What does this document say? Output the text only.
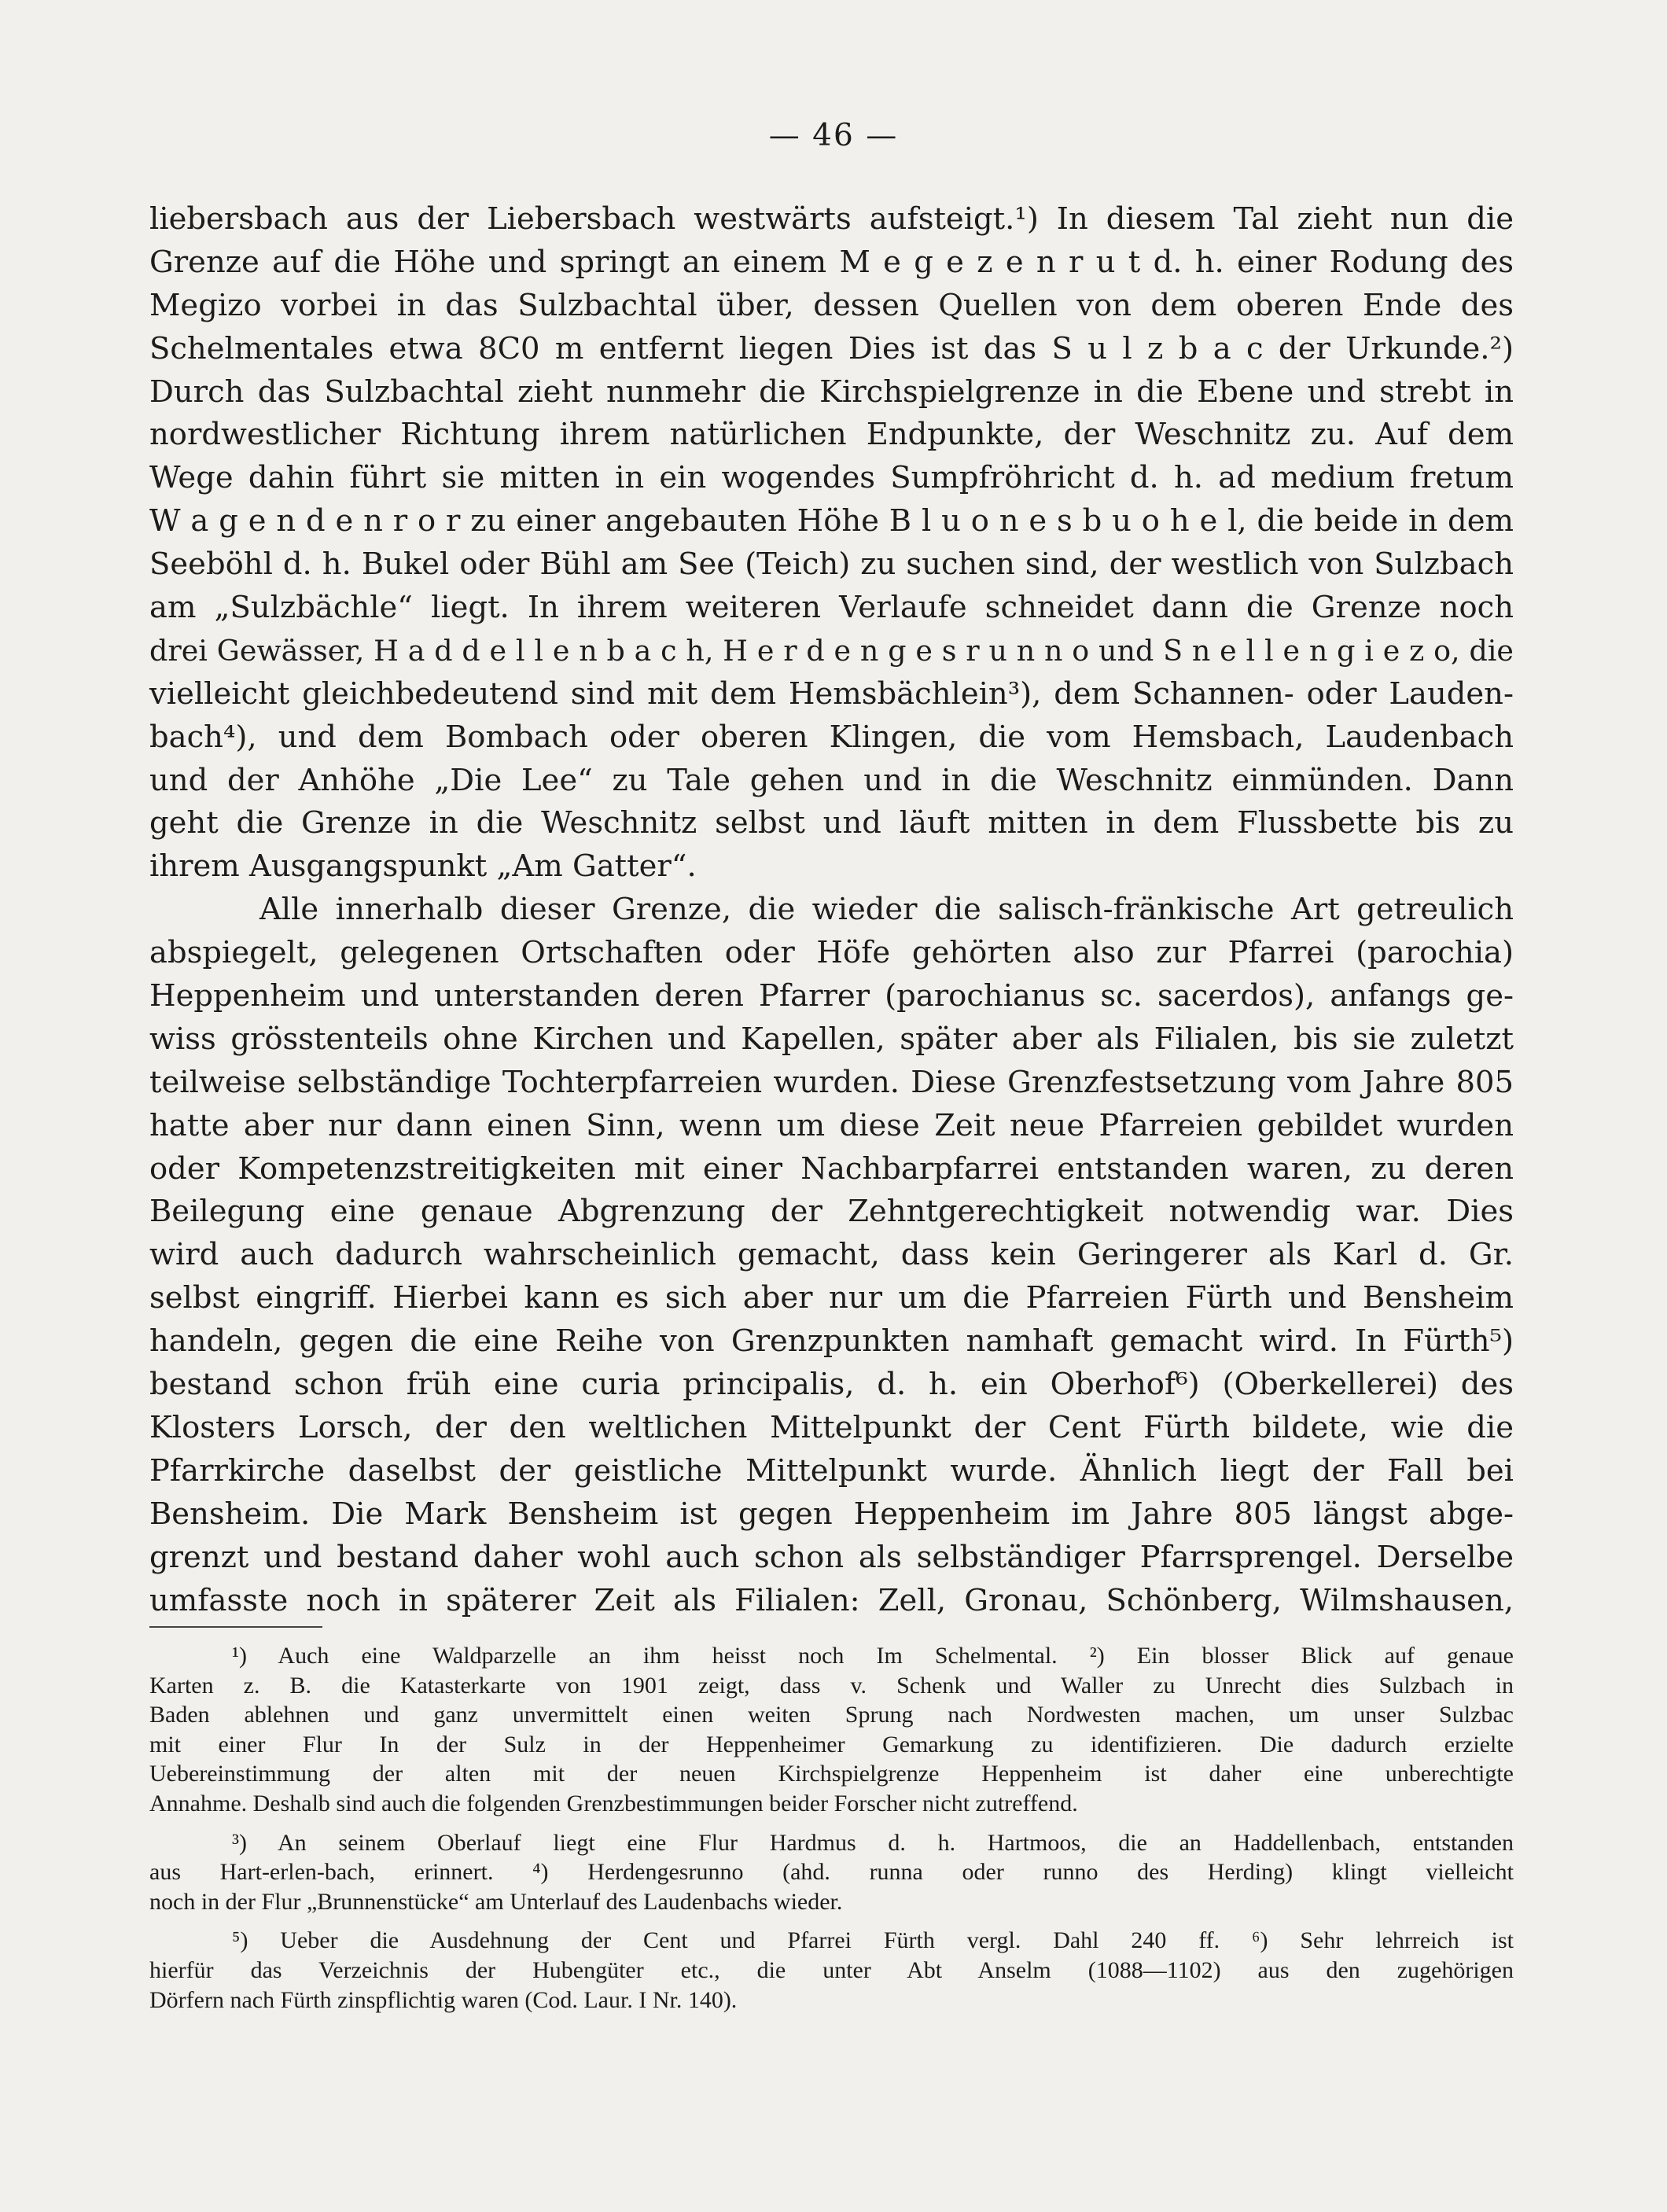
— 46 —
liebersbach aus der Liebersbach westwärts aufsteigt.¹) In diesem Tal zieht nun die
Grenze auf die Höhe und springt an einem M e g e z e n r u t d. h. einer Rodung des
Megizo vorbei in das Sulzbachtal über, dessen Quellen von dem oberen Ende des
Schelmentales etwa 8C0 m entfernt liegen Dies ist das S u l z b a c der Urkunde.²)
Durch das Sulzbachtal zieht nunmehr die Kirchspielgrenze in die Ebene und strebt in
nordwestlicher Richtung ihrem natürlichen Endpunkte, der Weschnitz zu. Auf dem
Wege dahin führt sie mitten in ein wogendes Sumpfröhricht d. h. ad medium fretum
W a g e n d e n r o r zu einer angebauten Höhe B l u o n e s b u o h e l, die beide in dem
Seeböhl d. h. Bukel oder Bühl am See (Teich) zu suchen sind, der westlich von Sulzbach
am „Sulzbächle“ liegt. In ihrem weiteren Verlaufe schneidet dann die Grenze noch
drei Gewässer, H a d d e l l e n b a c h, H e r d e n g e s r u n n o und S n e l l e n g i e z o, die
vielleicht gleichbedeutend sind mit dem Hemsbächlein³), dem Schannen- oder Lauden-
bach⁴), und dem Bombach oder oberen Klingen, die vom Hemsbach, Laudenbach
und der Anhöhe „Die Lee“ zu Tale gehen und in die Weschnitz einmünden. Dann
geht die Grenze in die Weschnitz selbst und läuft mitten in dem Flussbette bis zu
ihrem Ausgangspunkt „Am Gatter“.
Alle innerhalb dieser Grenze, die wieder die salisch-fränkische Art getreulich
abspiegelt, gelegenen Ortschaften oder Höfe gehörten also zur Pfarrei (parochia)
Heppenheim und unterstanden deren Pfarrer (parochianus sc. sacerdos), anfangs ge-
wiss grösstenteils ohne Kirchen und Kapellen, später aber als Filialen, bis sie zuletzt
teilweise selbständige Tochterpfarreien wurden. Diese Grenzfestsetzung vom Jahre 805
hatte aber nur dann einen Sinn, wenn um diese Zeit neue Pfarreien gebildet wurden
oder Kompetenzstreitigkeiten mit einer Nachbarpfarrei entstanden waren, zu deren
Beilegung eine genaue Abgrenzung der Zehntgerechtigkeit notwendig war. Dies
wird auch dadurch wahrscheinlich gemacht, dass kein Geringerer als Karl d. Gr.
selbst eingriff. Hierbei kann es sich aber nur um die Pfarreien Fürth und Bensheim
handeln, gegen die eine Reihe von Grenzpunkten namhaft gemacht wird. In Fürth⁵)
bestand schon früh eine curia principalis, d. h. ein Oberhof⁶) (Oberkellerei) des
Klosters Lorsch, der den weltlichen Mittelpunkt der Cent Fürth bildete, wie die
Pfarrkirche daselbst der geistliche Mittelpunkt wurde. Ähnlich liegt der Fall bei
Bensheim. Die Mark Bensheim ist gegen Heppenheim im Jahre 805 längst abge-
grenzt und bestand daher wohl auch schon als selbständiger Pfarrsprengel. Derselbe
umfasste noch in späterer Zeit als Filialen: Zell, Gronau, Schönberg, Wilmshausen,
¹) Auch eine Waldparzelle an ihm heisst noch Im Schelmental. ²) Ein blosser Blick auf genaue
Karten z. B. die Katasterkarte von 1901 zeigt, dass v. Schenk und Waller zu Unrecht dies Sulzbach in
Baden ablehnen und ganz unvermittelt einen weiten Sprung nach Nordwesten machen, um unser Sulzbac
mit einer Flur In der Sulz in der Heppenheimer Gemarkung zu identifizieren. Die dadurch erzielte
Uebereinstimmung der alten mit der neuen Kirchspielgrenze Heppenheim ist daher eine unberechtigte
Annahme. Deshalb sind auch die folgenden Grenzbestimmungen beider Forscher nicht zutreffend.
³) An seinem Oberlauf liegt eine Flur Hardmus d. h. Hartmoos, die an Haddellenbach, entstanden
aus Hart-erlen-bach, erinnert. ⁴) Herdengesrunno (ahd. runna oder runno des Herding) klingt vielleicht
noch in der Flur „Brunnenstücke“ am Unterlauf des Laudenbachs wieder.
⁵) Ueber die Ausdehnung der Cent und Pfarrei Fürth vergl. Dahl 240 ff. ⁶) Sehr lehrreich ist
hierfür das Verzeichnis der Hubengüter etc., die unter Abt Anselm (1088—1102) aus den zugehörigen
Dörfern nach Fürth zinspflichtig waren (Cod. Laur. I Nr. 140).
